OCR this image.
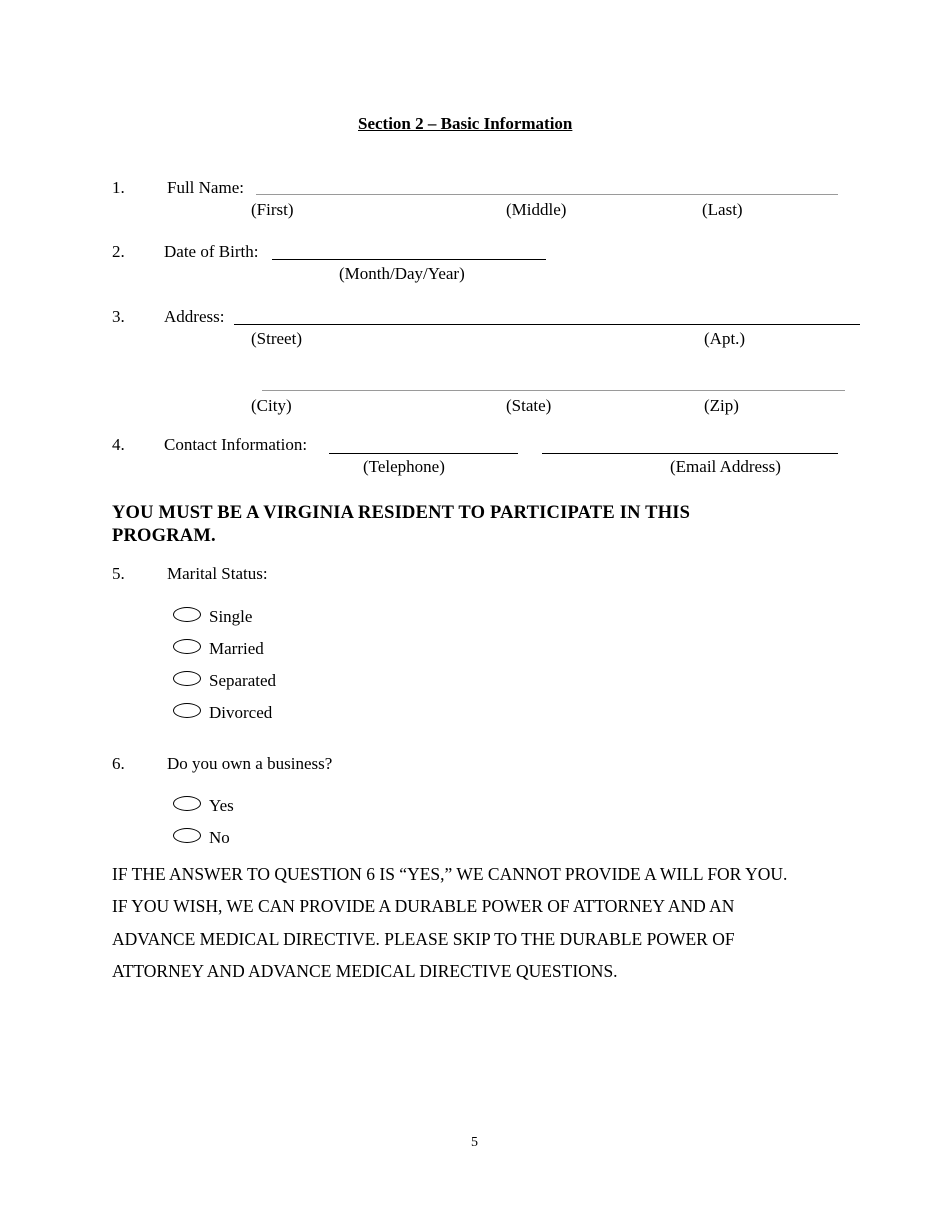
Section 2 – Basic Information
1. Full Name:
(First)	(Middle)	(Last)
2. Date of Birth:
(Month/Day/Year)
3. Address:
(Street)	(Apt.)
(City)	(State)	(Zip)
4. Contact Information:
(Telephone)	(Email Address)
YOU MUST BE A VIRGINIA RESIDENT TO PARTICIPATE IN THIS PROGRAM.
5. Marital Status:
Single
Married
Separated
Divorced
6. Do you own a business?
Yes
No
IF THE ANSWER TO QUESTION 6 IS “YES,” WE CANNOT PROVIDE A WILL FOR YOU.
IF YOU WISH, WE CAN PROVIDE A DURABLE POWER OF ATTORNEY AND AN
ADVANCE MEDICAL DIRECTIVE. PLEASE SKIP TO THE DURABLE POWER OF
ATTORNEY AND ADVANCE MEDICAL DIRECTIVE QUESTIONS.
5
